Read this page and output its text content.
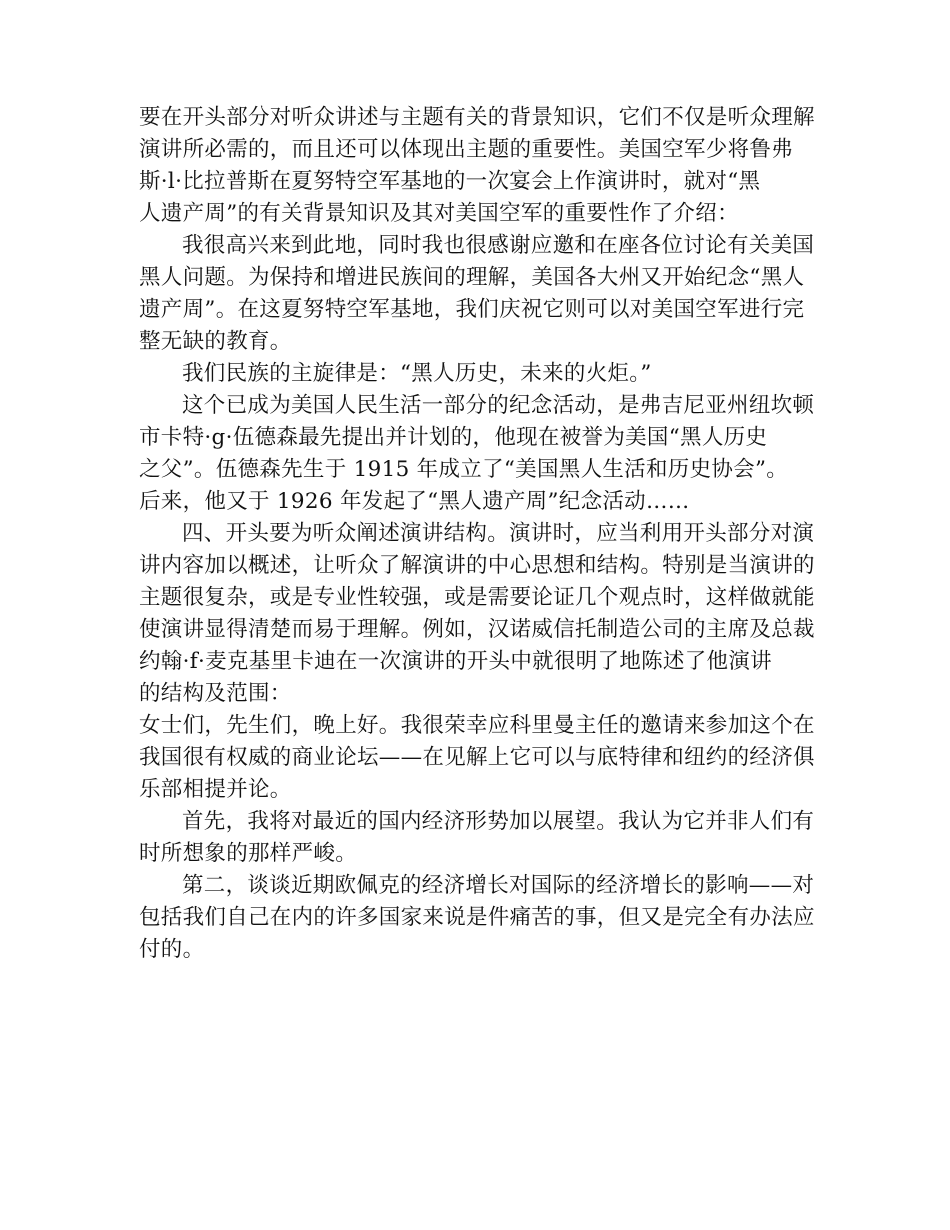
要在开头部分对听众讲述与主题有关的背景知识，它们不仅是听众理解
演讲所必需的，而且还可以体现出主题的重要性。美国空军少将鲁弗
斯·l·比拉普斯在夏努特空军基地的一次宴会上作演讲时，就对“黑
人遗产周”的有关背景知识及其对美国空军的重要性作了介绍：
我很高兴来到此地，同时我也很感谢应邀和在座各位讨论有关美国
黑人问题。为保持和增进民族间的理解，美国各大州又开始纪念“黑人
遗产周”。在这夏努特空军基地，我们庆祝它则可以对美国空军进行完
整无缺的教育。
我们民族的主旋律是：“黑人历史，未来的火炬。”
这个已成为美国人民生活一部分的纪念活动，是弗吉尼亚州纽坎顿
市卡特·g·伍德森最先提出并计划的，他现在被誉为美国“黑人历史
之父”。伍德森先生于 1915 年成立了“美国黑人生活和历史协会”。
后来，他又于 1926 年发起了“黑人遗产周”纪念活动……
四、开头要为听众阐述演讲结构。演讲时，应当利用开头部分对演
讲内容加以概述，让听众了解演讲的中心思想和结构。特别是当演讲的
主题很复杂，或是专业性较强，或是需要论证几个观点时，这样做就能
使演讲显得清楚而易于理解。例如，汉诺威信托制造公司的主席及总裁
约翰·f·麦克基里卡迪在一次演讲的开头中就很明了地陈述了他演讲
的结构及范围：
女士们，先生们，晚上好。我很荣幸应科里曼主任的邀请来参加这个在
我国很有权威的商业论坛——在见解上它可以与底特律和纽约的经济俱
乐部相提并论。
首先，我将对最近的国内经济形势加以展望。我认为它并非人们有
时所想象的那样严峻。
第二，谈谈近期欧佩克的经济增长对国际的经济增长的影响——对
包括我们自己在内的许多国家来说是件痛苦的事，但又是完全有办法应
付的。
